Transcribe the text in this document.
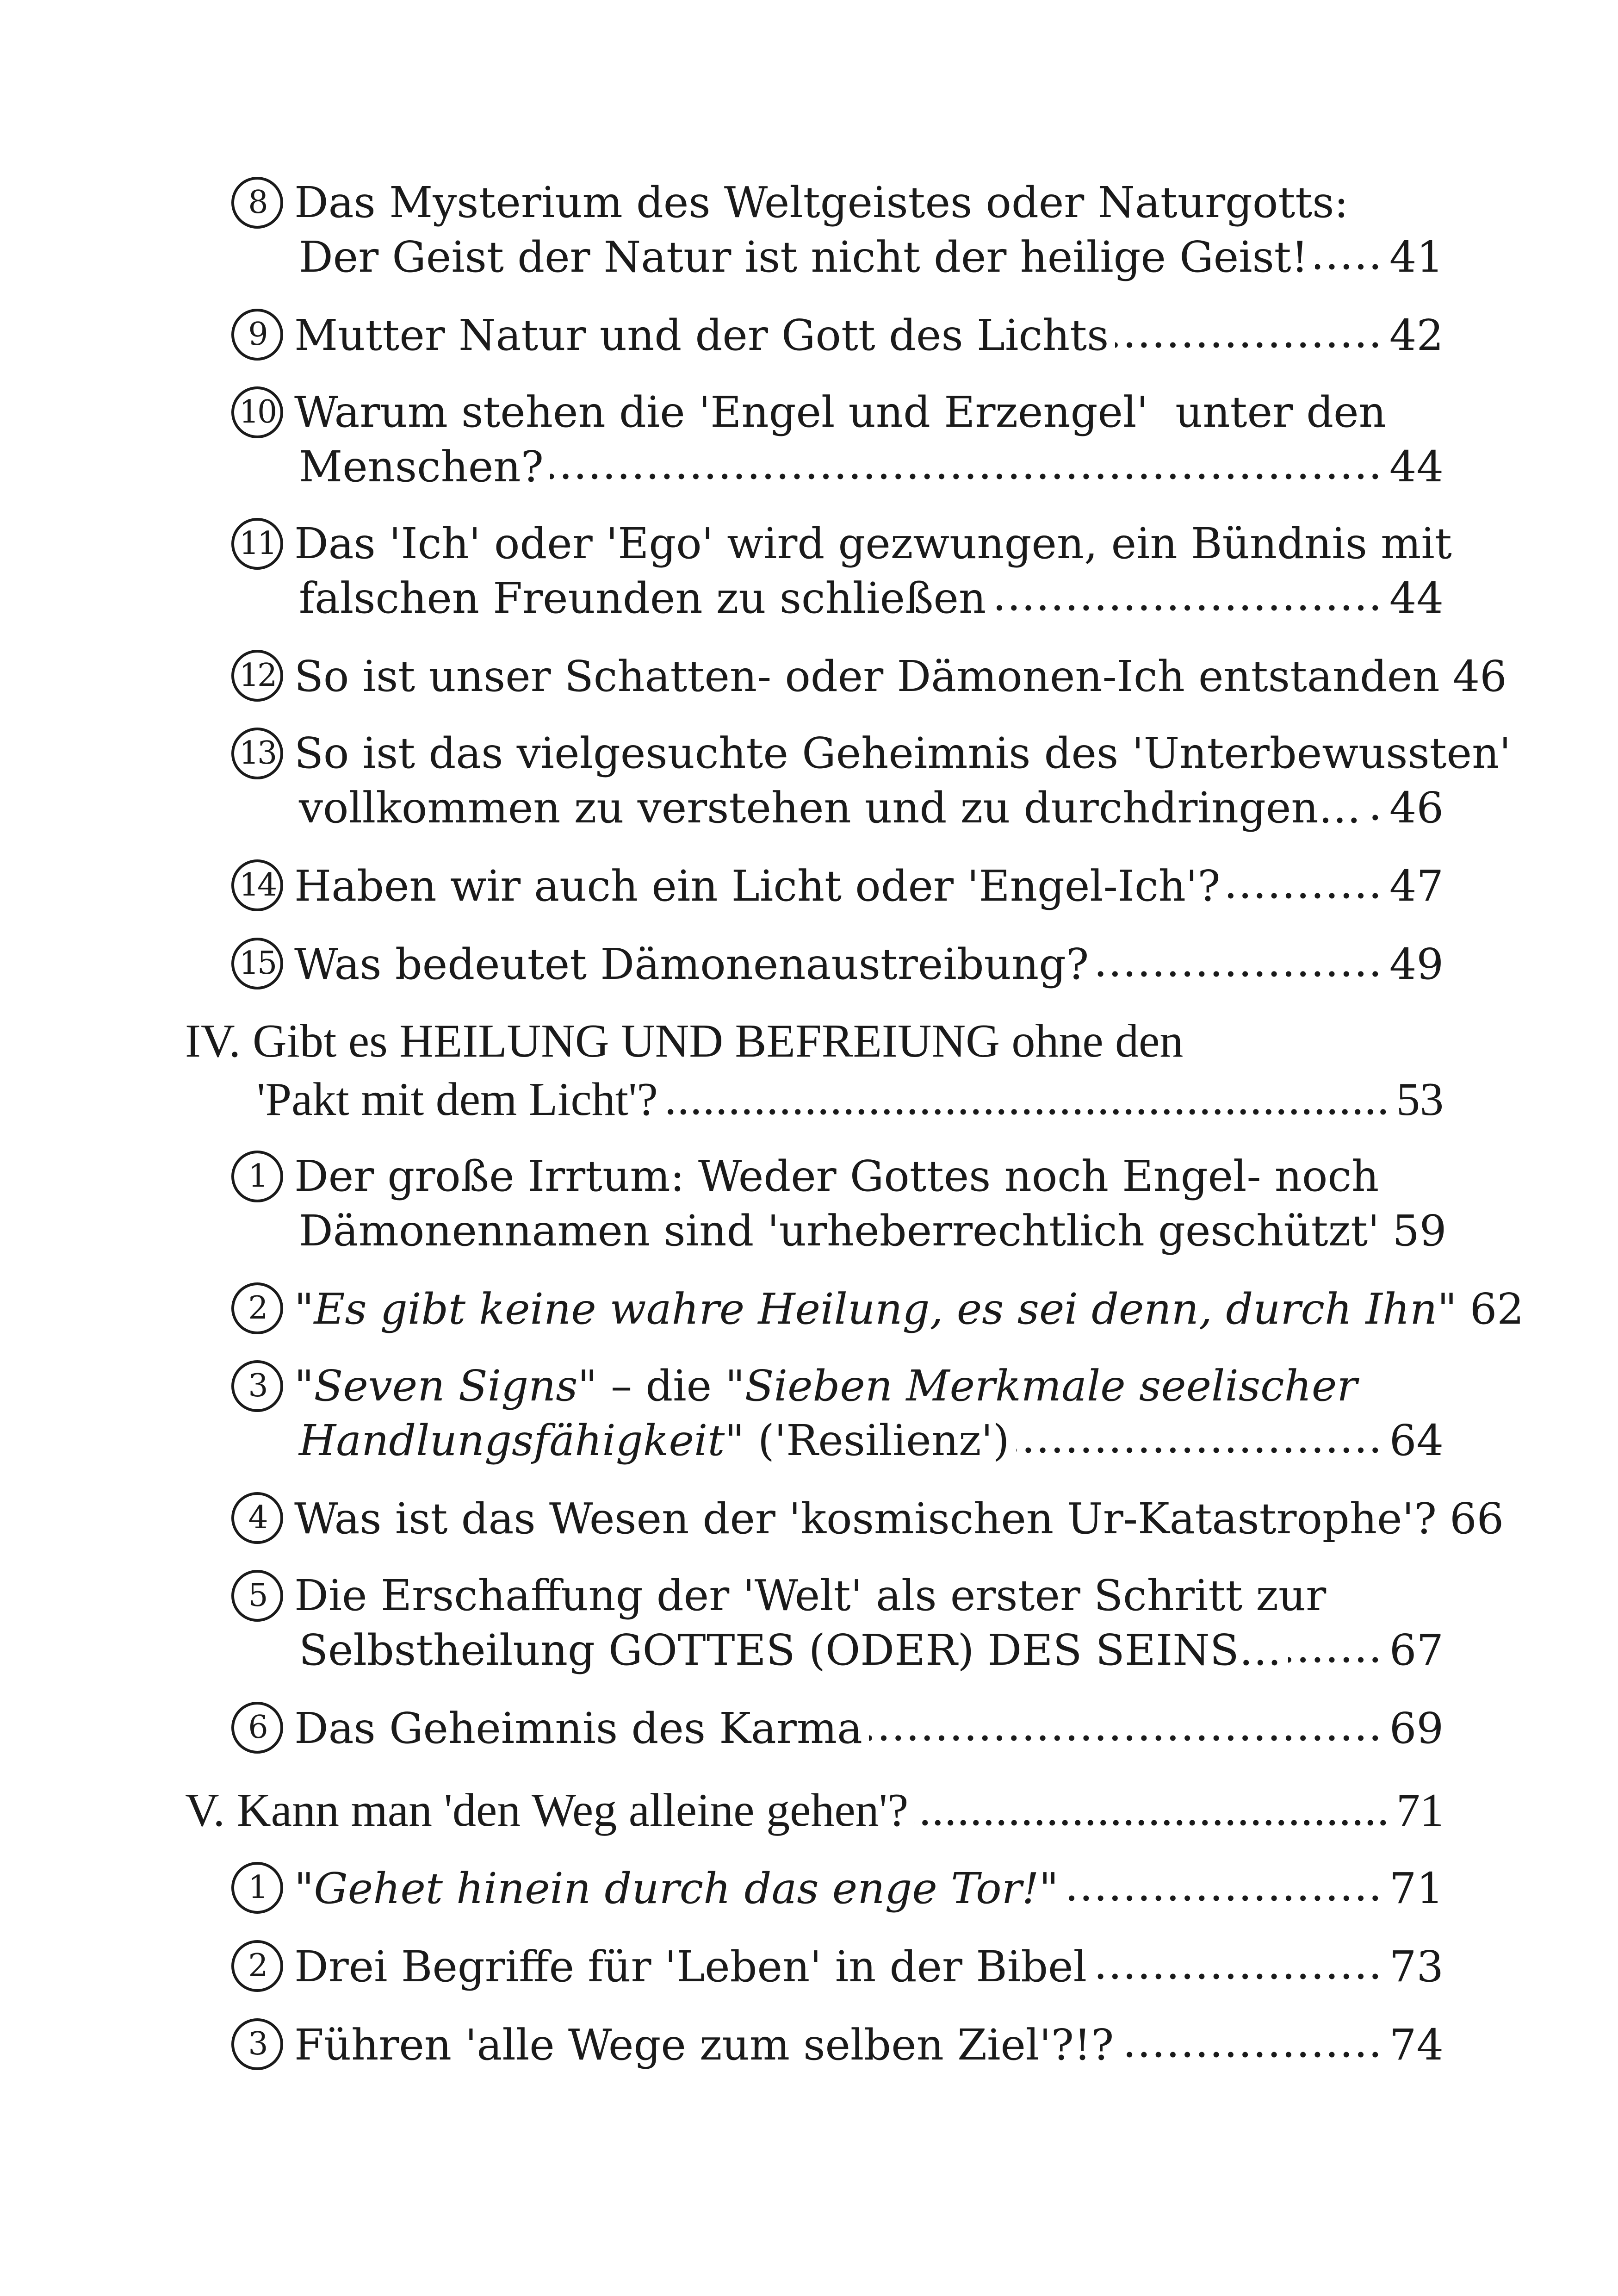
8 Das Mysterium des Weltgeistes oder Naturgotts:
Der Geist der Natur ist nicht der heilige Geist! ..... 41
9 Mutter Natur und der Gott des Lichts .....	42
10 Warum stehen die 'Engel und Erzengel'  unter den
Menschen? .....	44
11 Das 'Ich' oder 'Ego' wird gezwungen, ein Bündnis mit
falschen Freunden zu schließen .....	44
12 So ist unser Schatten- oder Dämonen-Ich entstanden 46
13 So ist das vielgesuchte Geheimnis des 'Unterbewussten'
vollkommen zu verstehen und zu durchdringen… ..... 46
14 Haben wir auch ein Licht oder 'Engel-Ich'? .....	47
15 Was bedeutet Dämonenaustreibung? .....	49
IV. Gibt es HEILUNG UND BEFREIUNG ohne den
'Pakt mit dem Licht'? .....	53
1 Der große Irrtum: Weder Gottes noch Engel- noch
Dämonennamen sind 'urheberrechtlich geschützt' 59
2 "Es gibt keine wahre Heilung, es sei denn, durch Ihn" 62
3 "Seven Signs" – die "Sieben Merkmale seelischer
Handlungsfähigkeit" ('Resilienz') .....	64
4 Was ist das Wesen der 'kosmischen Ur-Katastrophe'? 66
5 Die Erschaffung der 'Welt' als erster Schritt zur
Selbstheilung GOTTES (ODER) DES SEINS… .....	67
6 Das Geheimnis des Karma .....	69
V. Kann man 'den Weg alleine gehen'? .....	71
1 "Gehet hinein durch das enge Tor!" .....	71
2 Drei Begriffe für 'Leben' in der Bibel .....	73
3 Führen 'alle Wege zum selben Ziel'?!? .....	74
